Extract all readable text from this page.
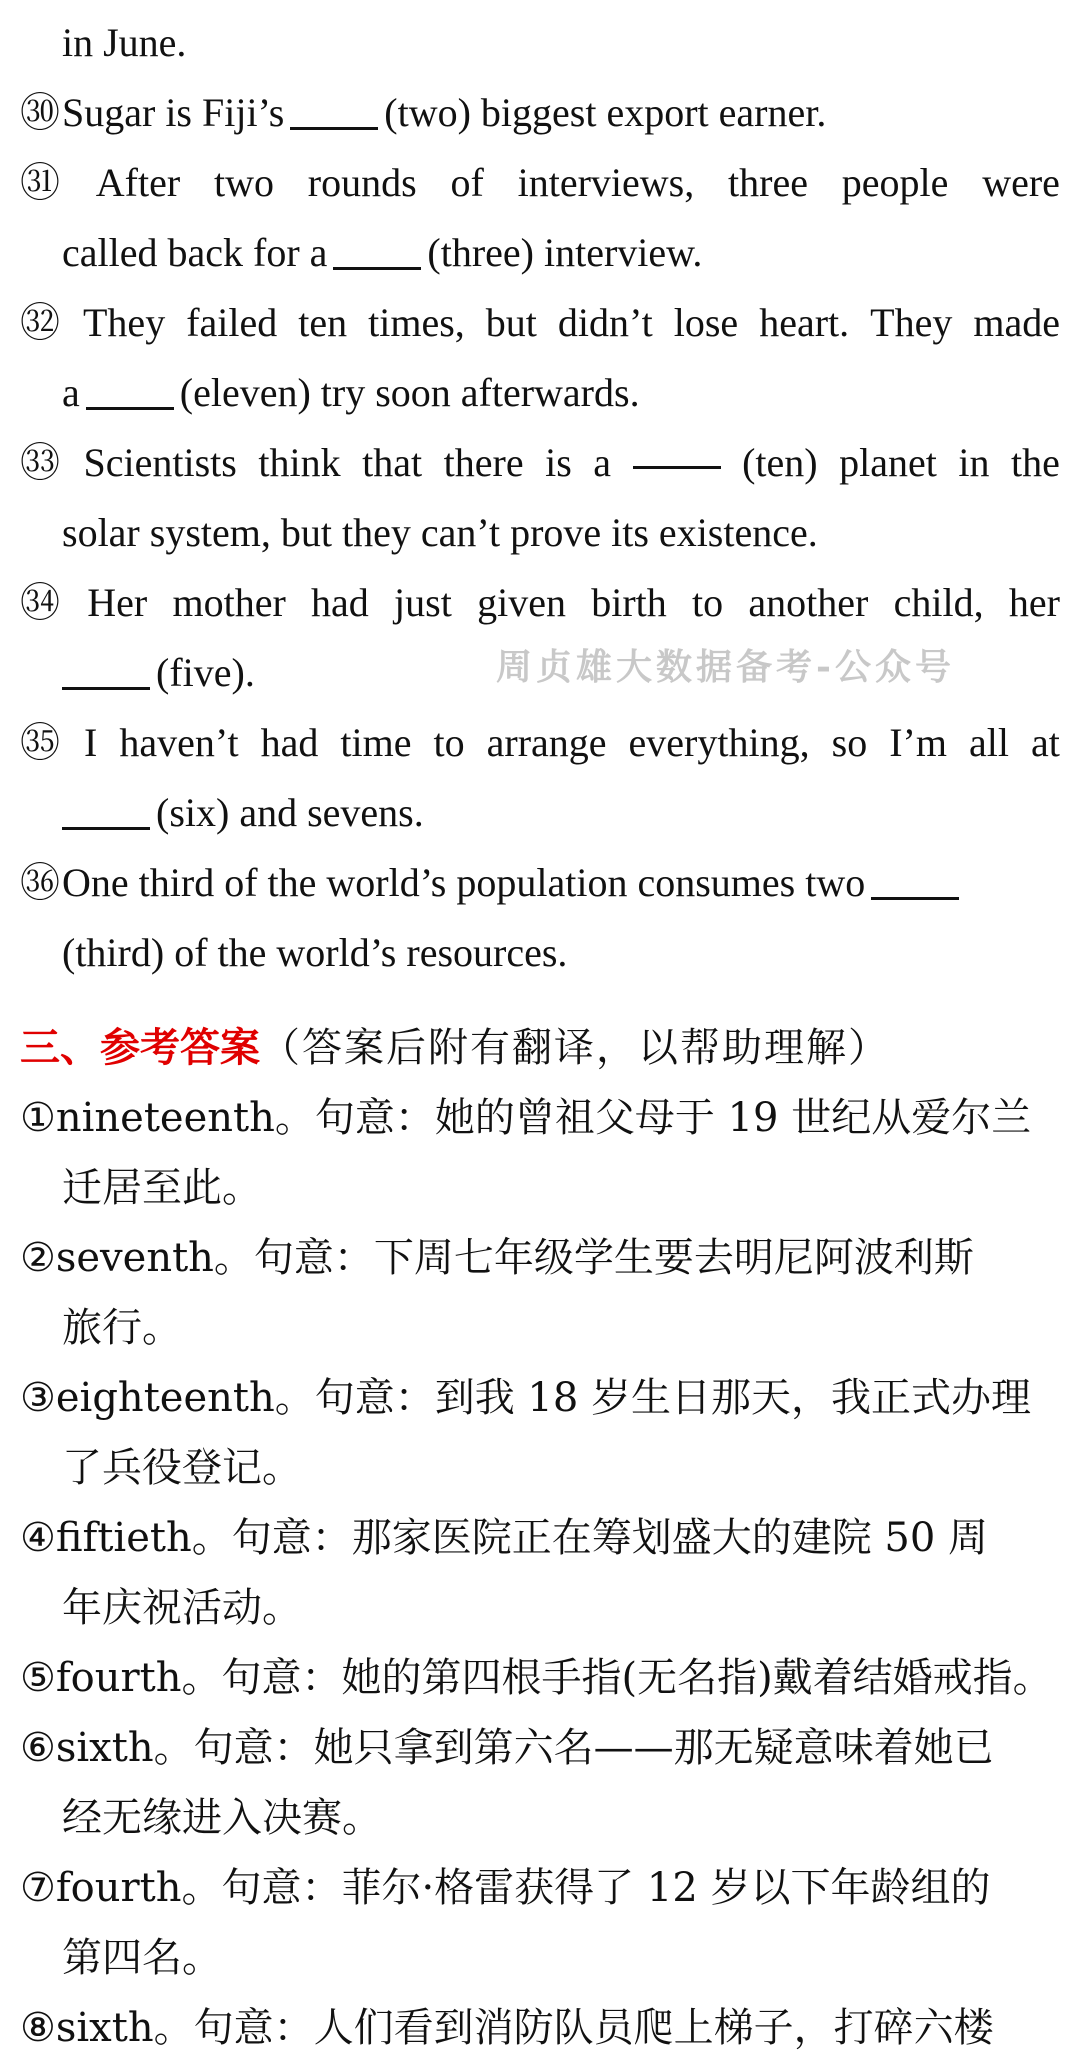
in June.
㉚Sugar is Fiji’s	(two) biggest export earner.
㉛ After two rounds of interviews, three people were
called back for a	(three) interview.
㉜ They failed ten times, but didn’t lose heart. They made
a	(eleven) try soon afterwards.
㉝ Scientists think that there is a	(ten) planet in the
solar system, but they can’t prove its existence.
㉞ Her mother had just given birth to another child, her
(five).	周贞雄大数据备考-公众号
㉟ I haven’t had time to arrange everything, so I’m all at
(six) and sevens.
㊱One third of the world’s population consumes two
(third) of the world’s resources.
三、参考答案（答案后附有翻译，以帮助理解）
①nineteenth。句意：她的曾祖父母于 19 世纪从爱尔兰
迁居至此。
②seventh。句意：下周七年级学生要去明尼阿波利斯
旅行。
③eighteenth。句意：到我 18 岁生日那天，我正式办理
了兵役登记。
④fiftieth。句意：那家医院正在筹划盛大的建院 50 周
年庆祝活动。
⑤fourth。句意：她的第四根手指(无名指)戴着结婚戒指。
⑥sixth。句意：她只拿到第六名——那无疑意味着她已
经无缘进入决赛。
⑦fourth。句意：菲尔·格雷获得了 12 岁以下年龄组的
第四名。
⑧sixth。句意：人们看到消防队员爬上梯子，打碎六楼
